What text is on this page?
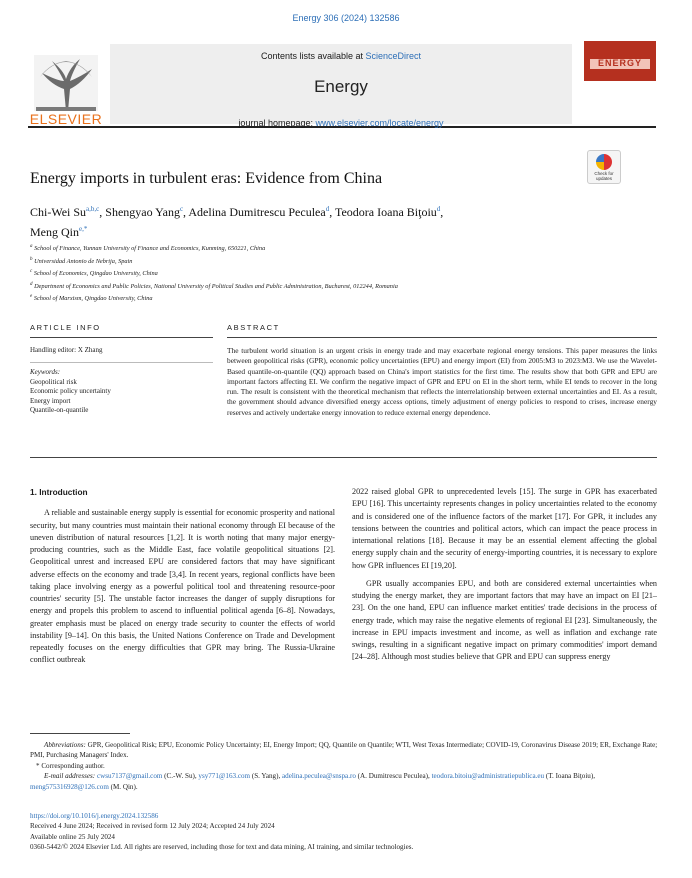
Energy 306 (2024) 132586
ELSEVIER
Contents lists available at ScienceDirect
Energy
journal homepage: www.elsevier.com/locate/energy
ENERGY
Check for updates
Energy imports in turbulent eras: Evidence from China
Chi-Wei Su$^{a,b,c}$, Shengyao Yang$^c$, Adelina Dumitrescu Peculea$^d$, Teodora Ioana Biţoiu$^d$,
Meng Qin$^{e,*}$
$^a$ School of Finance, Yunnan University of Finance and Economics, Kunming, 650221, China
$^b$ Universidad Antonio de Nebrija, Spain
$^c$ School of Economics, Qingdao University, China
$^d$ Department of Economics and Public Policies, National University of Political Studies and Public Administration, Bucharest, 012244, Romania
$^e$ School of Marxism, Qingdao University, China
ARTICLE INFO	ABSTRACT
Handling editor: X Zhang
Keywords:
Geopolitical risk
Economic policy uncertainty
Energy import
Quantile-on-quantile
The turbulent world situation is an urgent crisis in energy trade and may exacerbate regional energy tensions. This paper measures the links between geopolitical risks (GPR), economic policy uncertainties (EPU) and energy import (EI) from 2005:M3 to 2023:M3. We use the Wavelet-Based quantile-on-quantile (QQ) approach based on China's import statistics for the first time. The results show that both GPR and EPU are important factors affecting EI. We confirm the negative impact of GPR and EPU on EI in the short term, while EI tends to recover in the long run. The result is consistent with the theoretical mechanism that reflects the interrelationship between external uncertainties and EI. As a result, the government should advance diversified energy access options, timely adjustment of energy policies to respond to crises, increase energy reserves and actively undertake energy innovation to reduce external energy dependence.
1. Introduction

A reliable and sustainable energy supply is essential for economic prosperity and national security, but many countries must maintain their national economy through EI because of the uneven distribution of natural resources [1,2]. It is worth noting that many major energy-producing countries, such as the Middle East, face volatile geopolitical situations [2]. Geopolitical unrest and increased EPU are considered factors that may have significant adverse effects on the economy and trade [3,4]. In recent years, regional conflicts have been taking place involving energy as a powerful political tool and threatening resource-poor countries' security [5]. The unstable factor increases the danger of supply disruptions for energy and propels this problem to ascend to influential political agenda [6–8]. Nowadays, greater emphasis must be placed on energy trade security to counter the effects of world instability [9–14]. On this basis, the United Nations Conference on Trade and Development repeatedly focuses on the energy difficulties that GPR may bring. The Russia-Ukraine conflict outbreak

2022 raised global GPR to unprecedented levels [15]. The surge in GPR has exacerbated EPU [16]. This uncertainty represents changes in policy uncertainties related to the economy and is considered one of the influence factors of the market [17]. For GPR, it includes any tensions between the countries and political actors, which can impact the peace process in international relations [18]. Because it may be an essential element affecting the global energy supply chain and the security of energy-importing countries, it is necessary to explore how GPR influences EI [19,20].

GPR usually accompanies EPU, and both are considered external uncertainties when studying the energy market, they are important factors that may have an impact on EI [21–23]. On the one hand, EPU can influence market entities' trade decisions in the process of energy trade, which may raise the negative elements of regional EI [23]. Simultaneously, the increase in EPU impacts investment and income, as well as inflation and exchange rate swings, resulting in a significant negative impact on primary commodities' import demand [24–28]. Although most studies believe that GPR and EPU can suppress energy

Abbreviations: GPR, Geopolitical Risk; EPU, Economic Policy Uncertainty; EI, Energy Import; QQ, Quantile on Quantile; WTI, West Texas Intermediate; COVID-19, Coronavirus Disease 2019; ER, Exchange Rate; PMI, Purchasing Managers' Index.
* Corresponding author.
E-mail addresses: cwsu7137@gmail.com (C.-W. Su), ysy771@163.com (S. Yang), adelina.peculea@snspa.ro (A. Dumitrescu Peculea), teodora.bitoiu@administratiepublica.eu (T. Ioana Biţoiu), meng575316928@126.com (M. Qin).
https://doi.org/10.1016/j.energy.2024.132586
Received 4 June 2024; Received in revised form 12 July 2024; Accepted 24 July 2024
Available online 25 July 2024
0360-5442/© 2024 Elsevier Ltd. All rights are reserved, including those for text and data mining, AI training, and similar technologies.
